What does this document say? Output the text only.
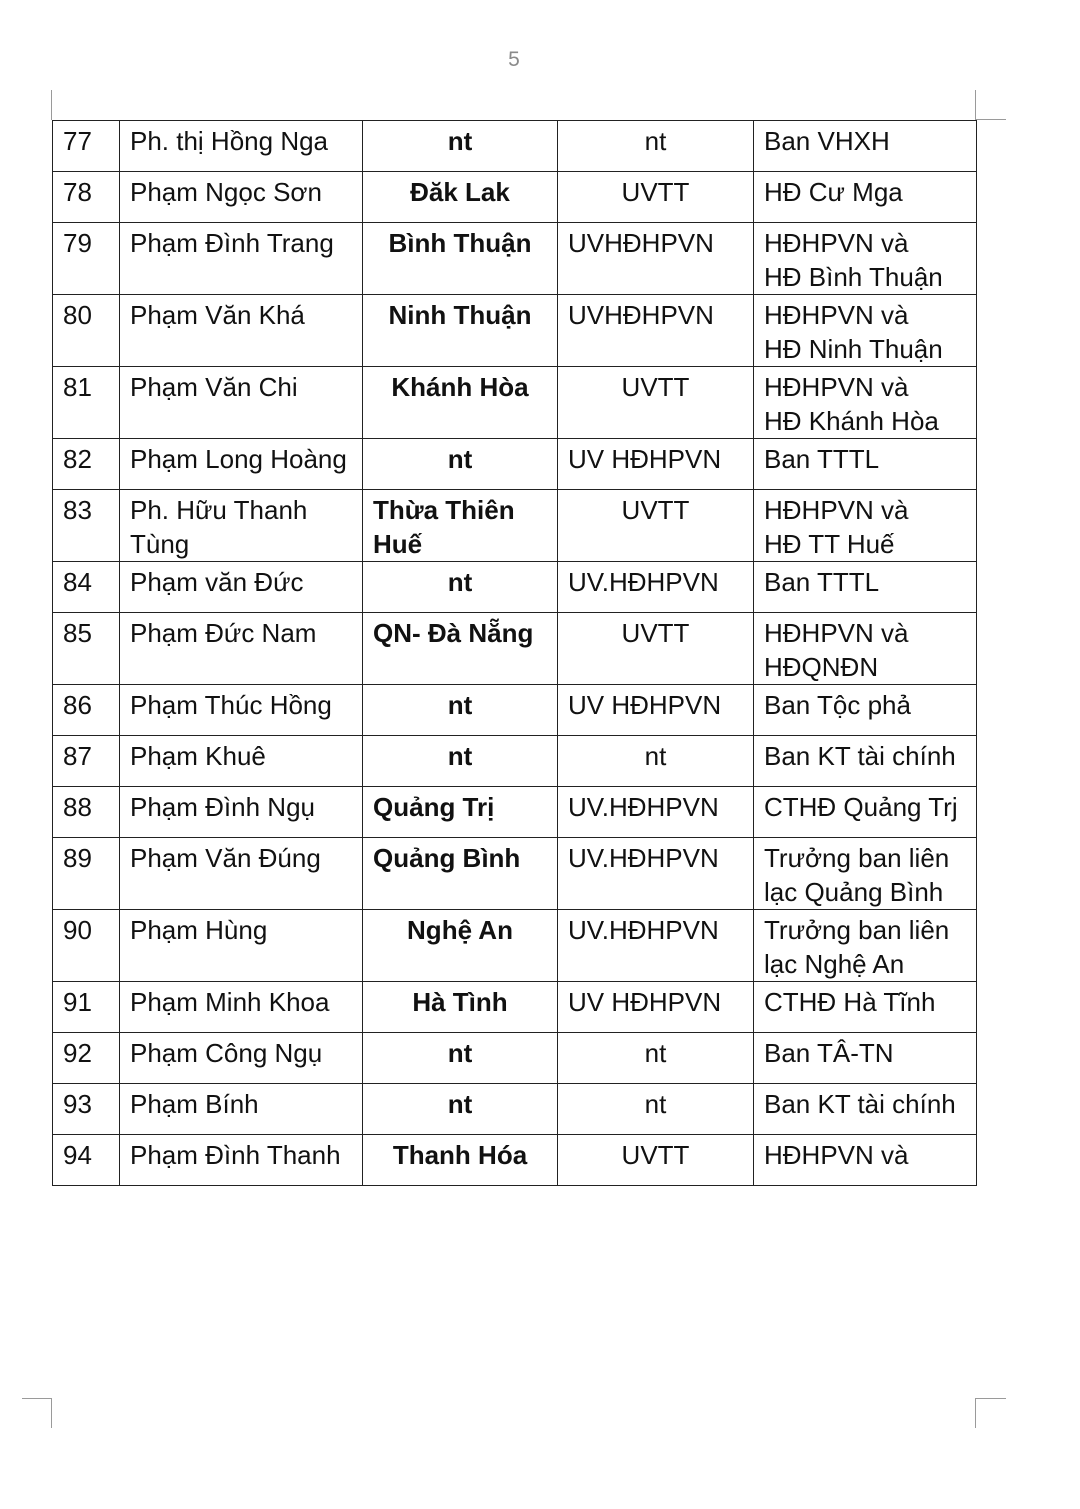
5
77	Ph. thị Hồng Nga	nt	nt	Ban VHXH

78	Phạm Ngọc Sơn	Đăk Lak	UVTT	HĐ Cư Mga

79	Phạm Đình Trang	Bình Thuận	UVHĐHPVN	HĐHPVN và
HĐ Bình Thuận

80	Phạm Văn Khá	Ninh Thuận	UVHĐHPVN	HĐHPVN và
HĐ Ninh Thuận

81	Phạm Văn Chi	Khánh Hòa	UVTT	HĐHPVN và
HĐ Khánh Hòa

82	Phạm Long Hoàng	nt	UV HĐHPVN	Ban TTTL

83	Ph. Hữu Thanh Tùng	Thừa Thiên Huế	UVTT	HĐHPVN và
HĐ TT Huế

84	Phạm văn Đức	nt	UV.HĐHPVN	Ban TTTL

85	Phạm Đức Nam	QN- Đà Nẵng	UVTT	HĐHPVN và
HĐQNĐN

86	Phạm Thúc Hồng	nt	UV HĐHPVN	Ban Tộc phả

87	Phạm Khuê	nt	nt	Ban KT tài chính

88	Phạm Đình Ngụ	Quảng Trị	UV.HĐHPVN	CTHĐ Quảng Trj

89	Phạm Văn Đúng	Quảng Bình	UV.HĐHPVN	Trưởng ban liên lạc Quảng Bình

90	Phạm Hùng	Nghệ An	UV.HĐHPVN	Trưởng ban liên lạc Nghệ An

91	Phạm Minh Khoa	Hà Tình	UV HĐHPVN	CTHĐ Hà Tĩnh

92	Phạm Công Ngụ	nt	nt	Ban TÂ-TN

93	Phạm Bính	nt	nt	Ban KT tài chính

94	Phạm Đình Thanh	Thanh Hóa	UVTT	HĐHPVN và
